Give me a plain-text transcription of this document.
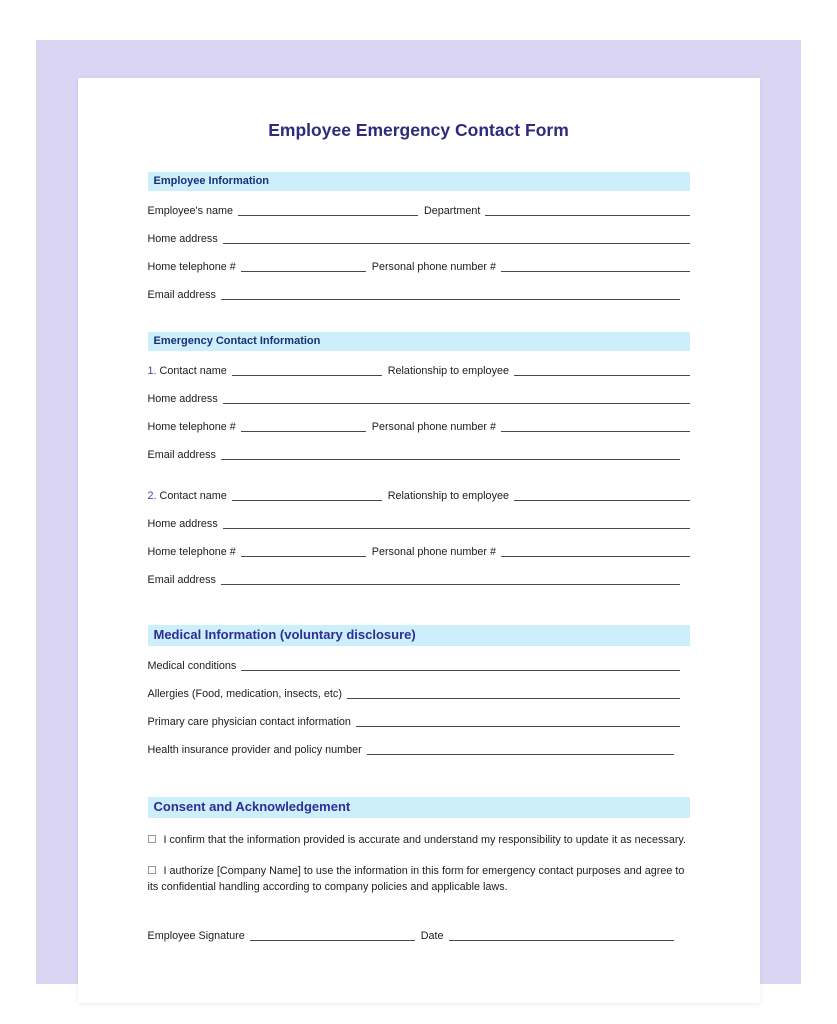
Employee Emergency Contact Form
Employee Information
Employee's name	Department
Home address
Home telephone #	Personal phone number #
Email address
Emergency Contact Information
1. Contact name	Relationship to employee
Home address
Home telephone #	Personal phone number #
Email address
2. Contact name	Relationship to employee
Home address
Home telephone #	Personal phone number #
Email address
Medical Information (voluntary disclosure)
Medical conditions
Allergies (Food, medication, insects, etc)
Primary care physician contact information
Health insurance provider and policy number
Consent and Acknowledgement

I confirm that the information provided is accurate and understand my responsibility to update it as necessary.

I authorize [Company Name] to use the information in this form for emergency contact purposes and agree to its confidential handling according to company policies and applicable laws.

Employee Signature	Date
